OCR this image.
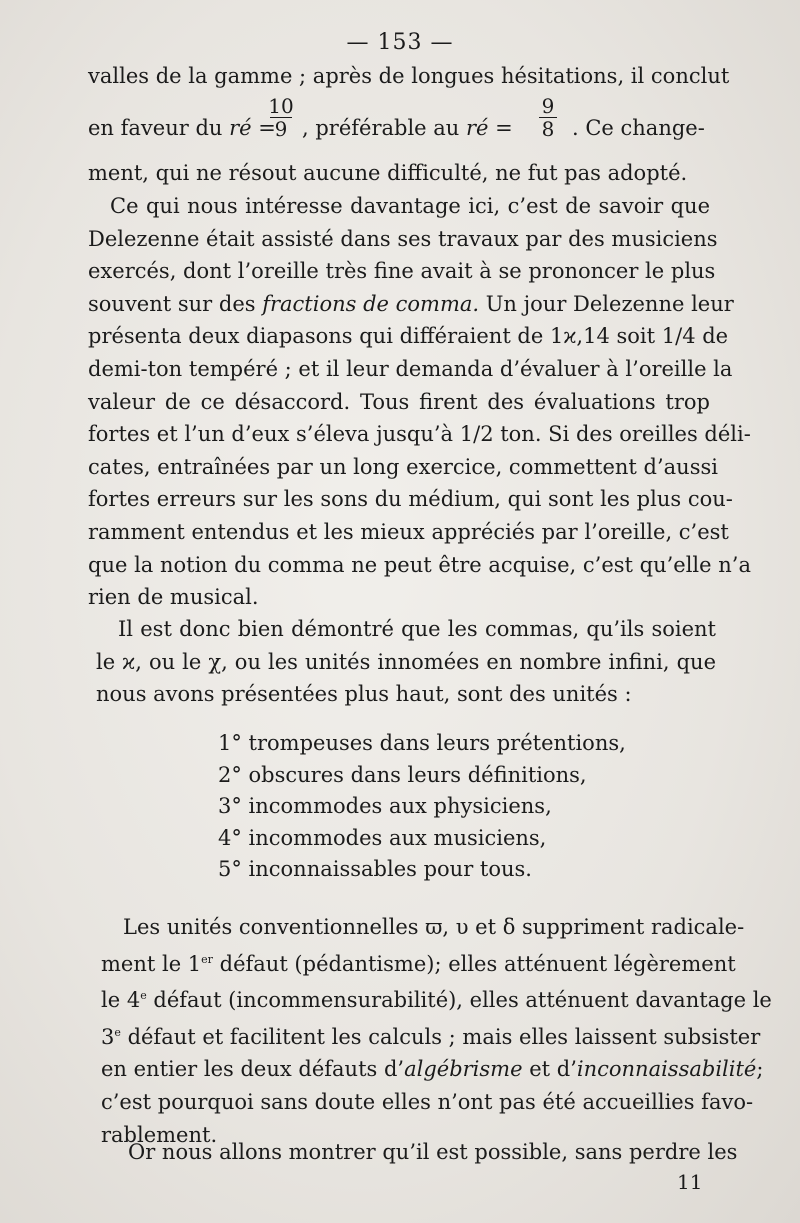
— 153 —
valles de la gamme ; après de longues hésitations, il conclut
en faveur du ré =
10
9 , préférable au ré =
9
8 . Ce change-
ment, qui ne résout aucune difficulté, ne fut pas adopté.
Ce qui nous intéresse davantage ici, c’est de savoir que
Delezenne était assisté dans ses travaux par des musiciens
exercés, dont l’oreille très fine avait à se prononcer le plus
souvent sur des fractions de comma. Un jour Delezenne leur
présenta deux diapasons qui différaient de 1ϰ,14 soit 1/4 de
demi-ton tempéré ; et il leur demanda d’évaluer à l’oreille la
valeur de ce désaccord. Tous firent des évaluations trop
fortes et l’un d’eux s’éleva jusqu’à 1/2 ton. Si des oreilles déli-
cates, entraînées par un long exercice, commettent d’aussi
fortes erreurs sur les sons du médium, qui sont les plus cou-
ramment entendus et les mieux appréciés par l’oreille, c’est
que la notion du comma ne peut être acquise, c’est qu’elle n’a
rien de musical.
Il est donc bien démontré que les commas, qu’ils soient
le ϰ, ou le χ, ou les unités innomées en nombre infini, que
nous avons présentées plus haut, sont des unités :
1° trompeuses dans leurs prétentions,
2° obscures dans leurs définitions,
3° incommodes aux physiciens,
4° incommodes aux musiciens,
5° inconnaissables pour tous.
Les unités conventionnelles ϖ, υ et δ suppriment radicale-
ment le 1er défaut (pédantisme); elles atténuent légèrement
le 4e défaut (incommensurabilité), elles atténuent davantage le
3e défaut et facilitent les calculs ; mais elles laissent subsister
en entier les deux défauts d’algébrisme et d’inconnaissabilité;
c’est pourquoi sans doute elles n’ont pas été accueillies favo-
rablement.
Or nous allons montrer qu’il est possible, sans perdre les
11
